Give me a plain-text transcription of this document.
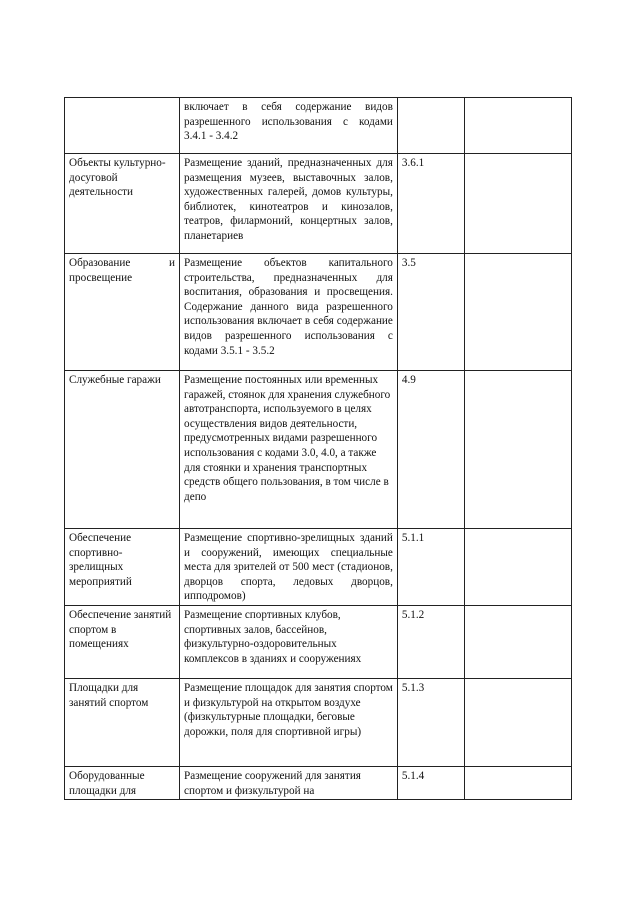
	включает в себя содержание видов разрешенного использования с кодами 3.4.1 - 3.4.2		
Объекты культурно-досуговой деятельности	Размещение зданий, предназначенных для размещения музеев, выставочных залов, художественных галерей, домов культуры, библиотек, кинотеатров и кинозалов, театров, филармоний, концертных залов, планетариев	3.6.1	
Образование и просвещение	Размещение объектов капитального строительства, предназначенных для воспитания, образования и просвещения. Содержание данного вида разрешенного использования включает в себя содержание видов разрешенного использования с кодами 3.5.1 - 3.5.2	3.5	
Служебные гаражи	Размещение постоянных или временных гаражей, стоянок для хранения служебного автотранспорта, используемого в целях осуществления видов деятельности, предусмотренных видами разрешенного использования с кодами 3.0, 4.0, а также для стоянки и хранения транспортных средств общего пользования, в том числе в депо	4.9	
Обеспечение спортивно-зрелищных мероприятий	Размещение спортивно-зрелищных зданий и сооружений, имеющих специальные места для зрителей от 500 мест (стадионов, дворцов спорта, ледовых дворцов, ипподромов)	5.1.1	
Обеспечение занятий спортом в помещениях	Размещение спортивных клубов, спортивных залов, бассейнов, физкультурно-оздоровительных комплексов в зданиях и сооружениях	5.1.2	
Площадки для занятий спортом	Размещение площадок для занятия спортом и физкультурой на открытом воздухе (физкультурные площадки, беговые дорожки, поля для спортивной игры)	5.1.3	
Оборудованные площадки для	Размещение сооружений для занятия спортом и физкультурой на	5.1.4	
